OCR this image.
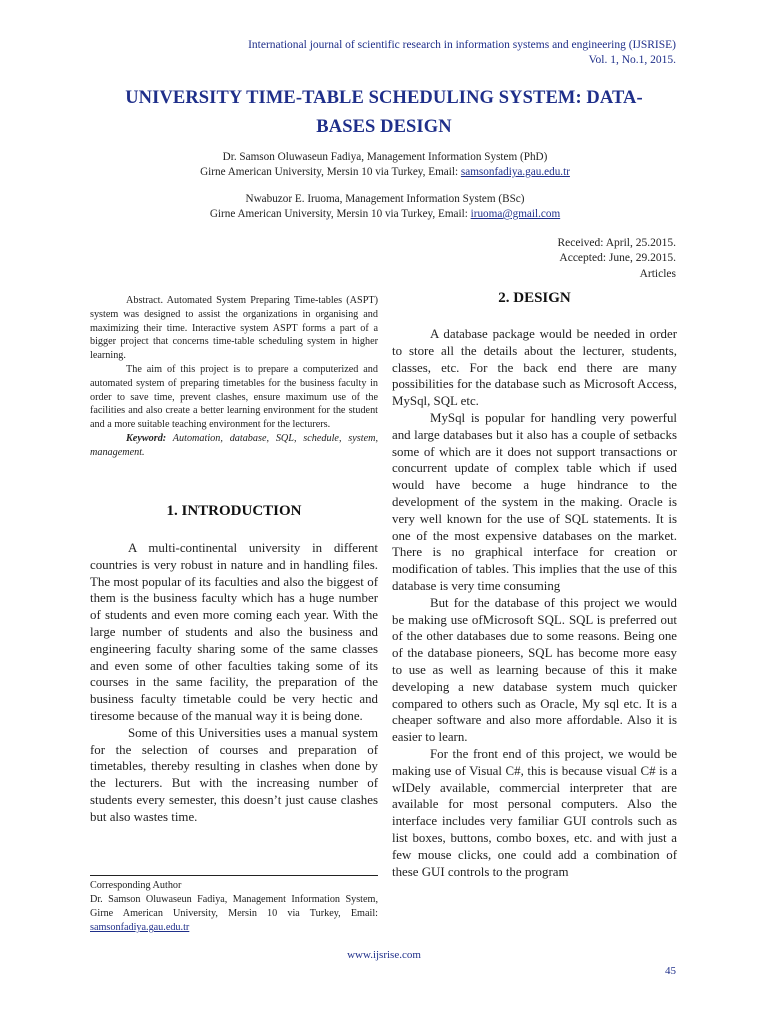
International journal of scientific research in information systems and engineering (IJSRISE)
Vol. 1, No.1, 2015.
UNIVERSITY TIME-TABLE SCHEDULING SYSTEM: DATA-
BASES DESIGN
Dr. Samson Oluwaseun Fadiya, Management Information System (PhD)
Girne American University, Mersin 10 via Turkey, Email: samsonfadiya.gau.edu.tr
Nwabuzor E. Iruoma, Management Information System (BSc)
Girne American University, Mersin 10 via Turkey, Email: iruoma@gmail.com
Received: April, 25.2015.
Accepted: June, 29.2015.
Articles

Abstract. Automated System Preparing Time-tables (ASPT) system was designed to assist the organizations in organising and maximizing their time. Interactive system ASPT forms a part of a bigger project that concerns time-table scheduling system in higher learning.

The aim of this project is to prepare a computerized and automated system of preparing timetables for the business faculty in order to save time, prevent clashes, ensure maximum use of the facilities and also create a better learning environment for the student and a more suitable teaching environment for the lecturers.

Keyword: Automation, database, SQL, schedule, system, management.

1. INTRODUCTION

A multi-continental university in different countries is very robust in nature and in handling files. The most popular of its faculties and also the biggest of them is the business faculty which has a huge number of students and even more coming each year. With the large number of students and also the business and engineering faculty sharing some of the same classes and even some of other faculties taking some of its courses in the same facility, the preparation of the business faculty timetable could be very hectic and tiresome because of the manual way it is being done.

Some of this Universities uses a manual system for the selection of courses and preparation of timetables, thereby resulting in clashes when done by the lecturers. But with the increasing number of students every semester, this doesn’t just cause clashes but also wastes time.

Corresponding Author
Dr. Samson Oluwaseun Fadiya, Management Information System, Girne American University, Mersin 10 via Turkey, Email: samsonfadiya.gau.edu.tr
2. DESIGN

A database package would be needed in order to store all the details about the lecturer, students, classes, etc. For the back end there are many possibilities for the database such as Microsoft Access, MySql, SQL etc.

MySql is popular for handling very powerful and large databases but it also has a couple of setbacks some of which are it does not support transactions or concurrent update of complex table which if used would have become a huge hindrance to the development of the system in the making. Oracle is very well known for the use of SQL statements. It is one of the most expensive databases on the market. There is no graphical interface for creation or modification of tables. This implies that the use of this database is very time consuming

But for the database of this project we would be making use ofMicrosoft SQL. SQL is preferred out of the other databases due to some reasons. Being one of the database pioneers, SQL has become more easy to use as well as learning because of this it make developing a new database system much quicker compared to others such as Oracle, My sql etc. It is a cheaper software and also more affordable. Also it is easier to learn.

For the front end of this project, we would be making use of Visual C#, this is because visual C# is a wIDely available, commercial interpreter that are available for most personal computers. Also the interface includes very familiar GUI controls such as list boxes, buttons, combo boxes, etc. and with just a few mouse clicks, one could add a combination of these GUI controls to the program

www.ijsrise.com
45
